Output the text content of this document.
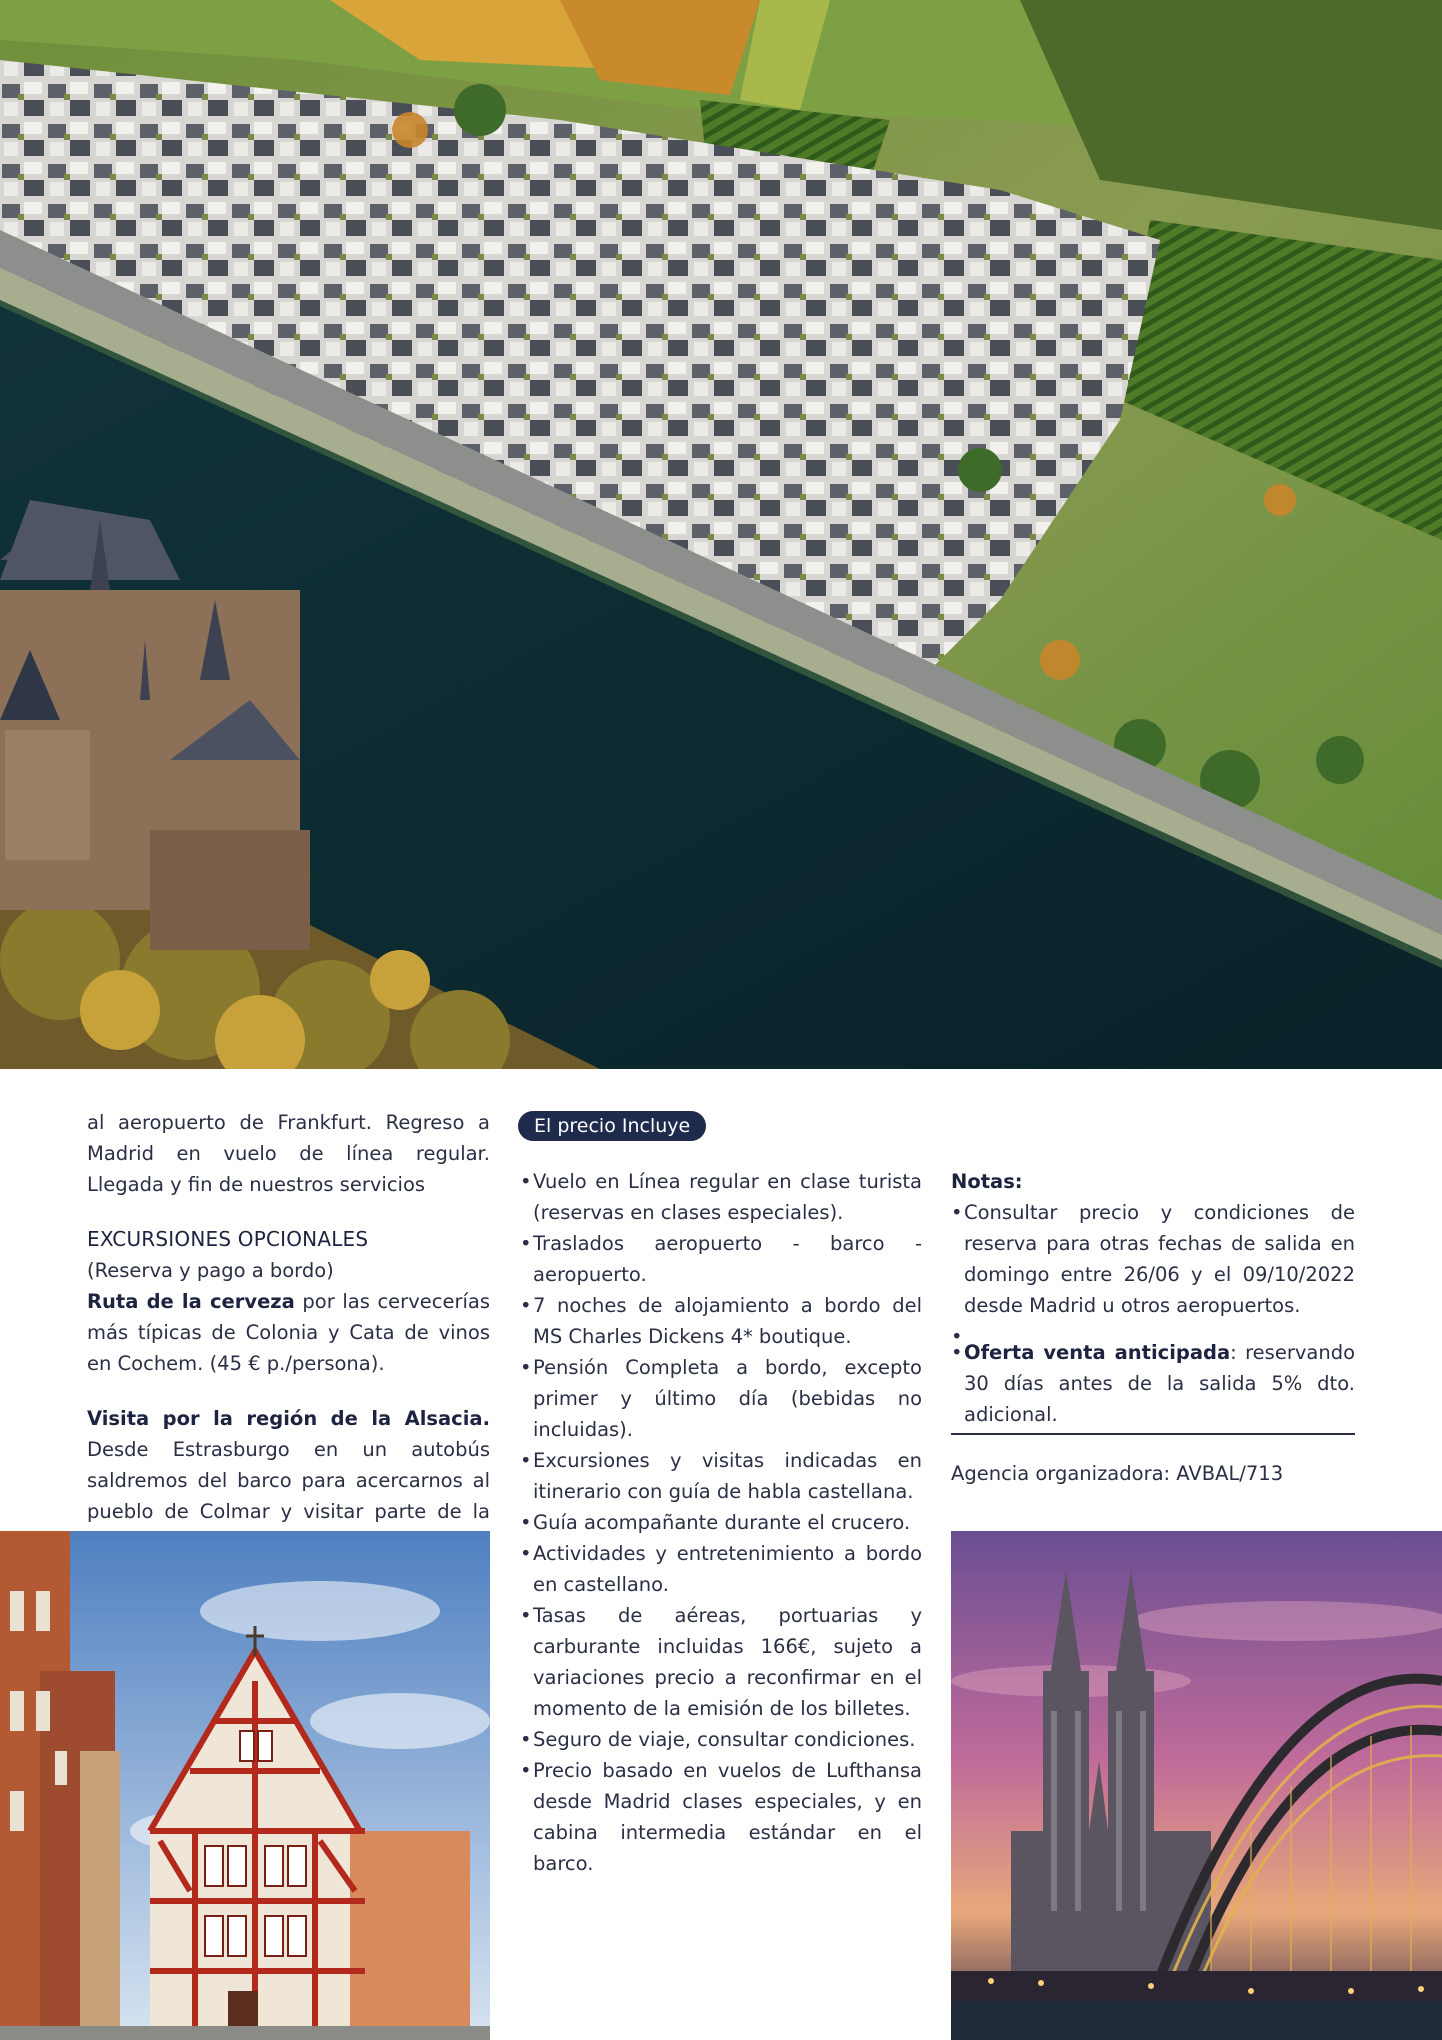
al aeropuerto de Frankfurt. Regreso a Madrid en vuelo de línea regular. Llegada y fin de nuestros servicios

EXCURSIONES OPCIONALES

(Reserva y pago a bordo)

Ruta de la cerveza por las cervecerías más típicas de Colonia y Cata de vinos en Cochem. (45 € p./persona).

Visita por la región de la Alsacia. Desde Estrasburgo en un autobús saldremos del barco para acercarnos al pueblo de Colmar y visitar parte de la

El precio Incluye
• Vuelo en Línea regular en clase turista (reservas en clases especiales).
• Traslados aeropuerto - barco - aeropuerto.
• 7 noches de alojamiento a bordo del MS Charles Dickens 4* boutique.
• Pensión Completa a bordo, excepto primer y último día (bebidas no incluidas).
• Excursiones y visitas indicadas en itinerario con guía de habla castellana.
• Guía acompañante durante el crucero.
• Actividades y entretenimiento a bordo en castellano.
• Tasas de aéreas, portuarias y carburante incluidas 166€, sujeto a variaciones precio a reconfirmar en el momento de la emisión de los billetes.
• Seguro de viaje, consultar condiciones.
• Precio basado en vuelos de Lufthansa desde Madrid clases especiales, y en cabina intermedia estándar en el barco.

Notas:

• Consultar precio y condiciones de reserva para otras fechas de salida en domingo entre 26/06 y el 09/10/2022 desde Madrid u otros aeropuertos.
•
• Oferta venta anticipada: reservando 30 días antes de la salida 5% dto. adicional.

Agencia organizadora: AVBAL/713
